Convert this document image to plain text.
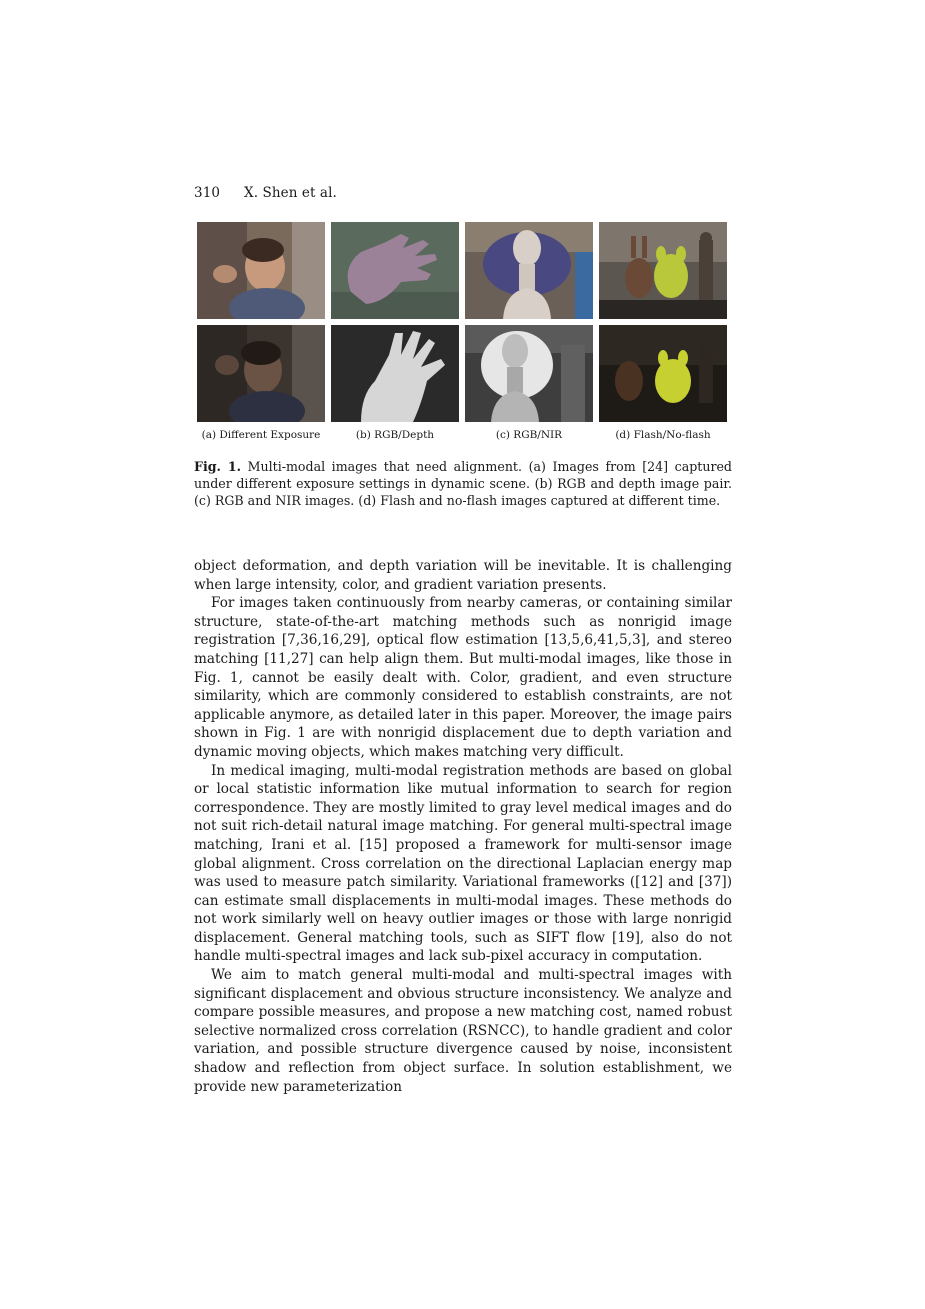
310 X. Shen et al.
(a) Different Exposure	(b) RGB/Depth	(c) RGB/NIR	(d) Flash/No-flash
Fig. 1. Multi-modal images that need alignment. (a) Images from [24] captured under different exposure settings in dynamic scene. (b) RGB and depth image pair. (c) RGB and NIR images. (d) Flash and no-flash images captured at different time.

object deformation, and depth variation will be inevitable. It is challenging when large intensity, color, and gradient variation presents.

For images taken continuously from nearby cameras, or containing similar structure, state-of-the-art matching methods such as nonrigid image registration [7,36,16,29], optical flow estimation [13,5,6,41,5,3], and stereo matching [11,27] can help align them. But multi-modal images, like those in Fig. 1, cannot be easily dealt with. Color, gradient, and even structure similarity, which are commonly considered to establish constraints, are not applicable anymore, as detailed later in this paper. Moreover, the image pairs shown in Fig. 1 are with nonrigid displacement due to depth variation and dynamic moving objects, which makes matching very difficult.

In medical imaging, multi-modal registration methods are based on global or local statistic information like mutual information to search for region correspondence. They are mostly limited to gray level medical images and do not suit rich-detail natural image matching. For general multi-spectral image matching, Irani et al. [15] proposed a framework for multi-sensor image global alignment. Cross correlation on the directional Laplacian energy map was used to measure patch similarity. Variational frameworks ([12] and [37]) can estimate small displacements in multi-modal images. These methods do not work similarly well on heavy outlier images or those with large nonrigid displacement. General matching tools, such as SIFT flow [19], also do not handle multi-spectral images and lack sub-pixel accuracy in computation.

We aim to match general multi-modal and multi-spectral images with significant displacement and obvious structure inconsistency. We analyze and compare possible measures, and propose a new matching cost, named robust selective normalized cross correlation (RSNCC), to handle gradient and color variation, and possible structure divergence caused by noise, inconsistent shadow and reflection from object surface. In solution establishment, we provide new parameterization
